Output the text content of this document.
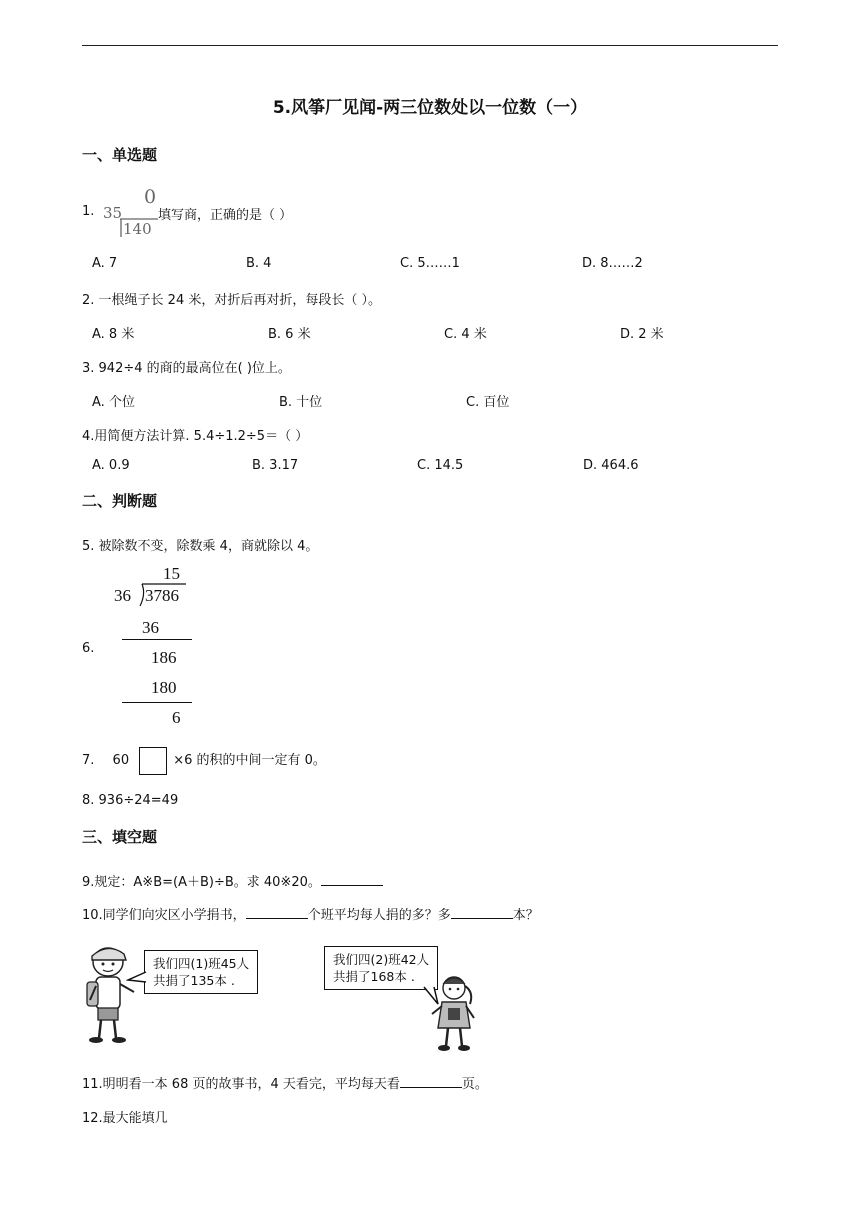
5.风筝厂见闻-两三位数处以一位数（一）
一、单选题
1. 35
0
140
填写商，正确的是（ ）
A. 7	B. 4	C. 5……1	D. 8……2
2. 一根绳子长 24 米，对折后再对折，每段长（ ）。
A. 8 米	B. 6 米	C. 4 米	D. 2 米
3. 942÷4 的商的最高位在( )位上。
A. 个位	B. 十位	C. 百位
4.用简便方法计算. 5.4÷1.2÷5＝（ ）
A. 0.9	B. 3.17	C. 14.5	D. 464.6
二、判断题
5. 被除数不变，除数乘 4，商就除以 4。
6.
15
36 3786
36
186
180
6
7. 60	×6 的积的中间一定有 0。
8. 936÷24=49
三、填空题
9.规定：A※B=(A＋B)÷B。求 40※20。
10.同学们向灾区小学捐书，	个班平均每人捐的多？多	本？
我们四(1)班45人
共捐了135本 .
我们四(2)班42人
共捐了168本 .
11.明明看一本 68 页的故事书，4 天看完，平均每天看	页。
12.最大能填几
